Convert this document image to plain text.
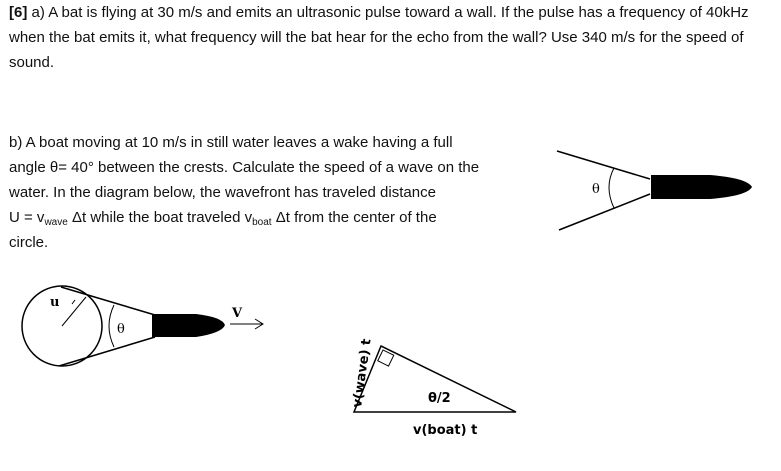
[6] a) A bat is flying at 30 m/s and emits an ultrasonic pulse toward a wall. If the pulse has a frequency of 40kHz when the bat emits it, what frequency will the bat hear for the echo from the wall? Use 340 m/s for the speed of sound.

b) A boat moving at 10 m/s in still water leaves a wake having a full
angle θ= 40° between the crests. Calculate the speed of a wave on the
water. In the diagram below, the wavefront has traveled distance
$U = v_{wave}$ Δt while the boat traveled $v_{boat}$ Δt from the center of the
circle.
θ
u
θ
V
θ/2
v(boat) t
v(wave) t
